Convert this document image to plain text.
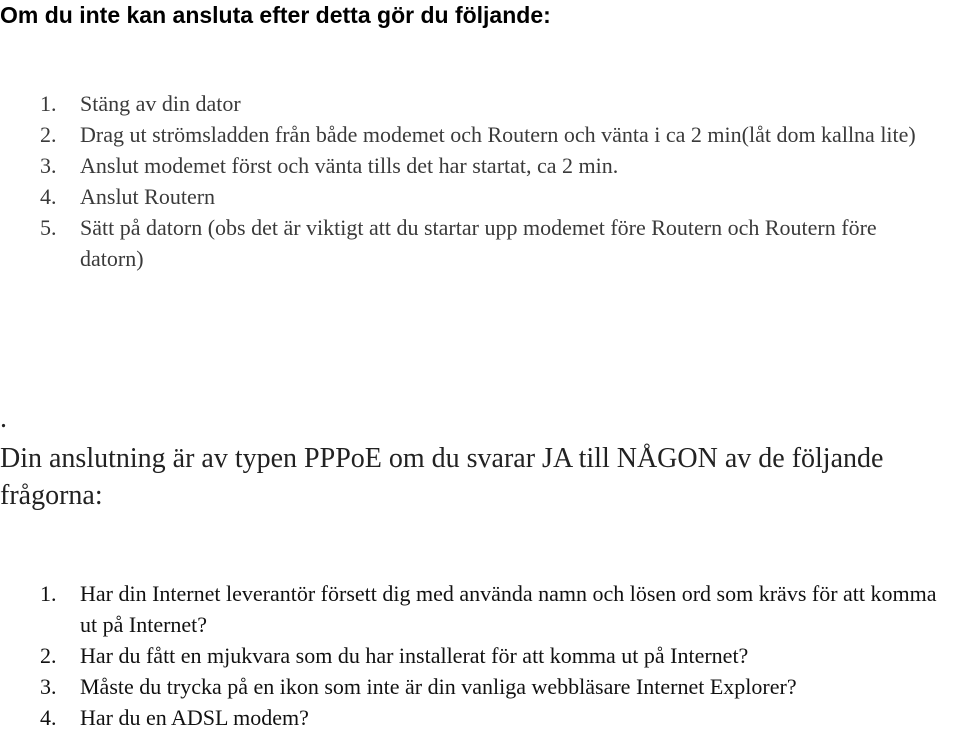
Om du inte kan ansluta efter detta gör du följande:
1. Stäng av din dator
2. Drag ut strömsladden från både modemet och Routern och vänta i ca 2 min(låt dom kallna lite)
3. Anslut modemet först och vänta tills det har startat, ca 2 min.
4. Anslut Routern
5. Sätt på datorn (obs det är viktigt att du startar upp modemet före Routern och Routern före datorn)
.

Din anslutning är av typen PPPoE om du svarar JA till NÅGON av de följande frågorna:

1. Har din Internet leverantör försett dig med använda namn och lösen ord som krävs för att komma ut på Internet?
2. Har du fått en mjukvara som du har installerat för att komma ut på Internet?
3. Måste du trycka på en ikon som inte är din vanliga webbläsare Internet Explorer?
4. Har du en ADSL modem?
